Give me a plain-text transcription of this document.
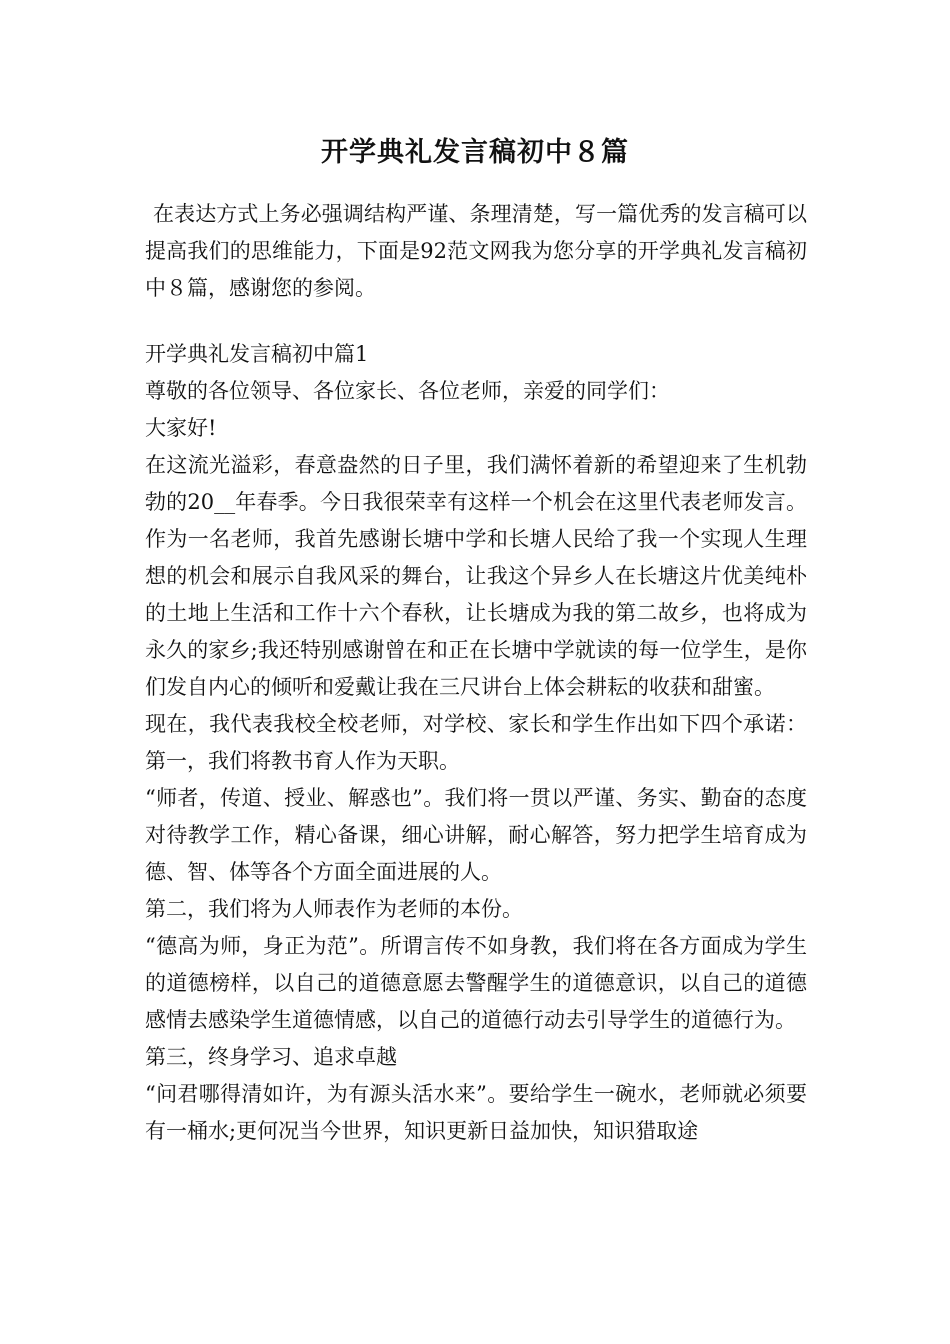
开学典礼发言稿初中８篇

在表达方式上务必强调结构严谨、条理清楚，写一篇优秀的发言稿可以提高我们的思维能力，下面是92范文网我为您分享的开学典礼发言稿初中８篇，感谢您的参阅。

开学典礼发言稿初中篇1

尊敬的各位领导、各位家长、各位老师，亲爱的同学们：

大家好!

在这流光溢彩，春意盎然的日子里，我们满怀着新的希望迎来了生机勃勃的20__年春季。今日我很荣幸有这样一个机会在这里代表老师发言。作为一名老师，我首先感谢长塘中学和长塘人民给了我一个实现人生理想的机会和展示自我风采的舞台，让我这个异乡人在长塘这片优美纯朴的土地上生活和工作十六个春秋，让长塘成为我的第二故乡，也将成为永久的家乡;我还特别感谢曾在和正在长塘中学就读的每一位学生，是你们发自内心的倾听和爱戴让我在三尺讲台上体会耕耘的收获和甜蜜。

现在，我代表我校全校老师，对学校、家长和学生作出如下四个承诺： 第一，我们将教书育人作为天职。

“师者，传道、授业、解惑也”。我们将一贯以严谨、务实、勤奋的态度对待教学工作，精心备课，细心讲解，耐心解答，努力把学生培育成为德、智、体等各个方面全面进展的人。

第二，我们将为人师表作为老师的本份。

“德高为师，身正为范”。所谓言传不如身教，我们将在各方面成为学生的道德榜样，以自己的道德意愿去警醒学生的道德意识，以自己的道德感情去感染学生道德情感，以自己的道德行动去引导学生的道德行为。

第三，终身学习、追求卓越

“问君哪得清如许，为有源头活水来”。要给学生一碗水，老师就必须要有一桶水;更何况当今世界，知识更新日益加快，知识猎取途
